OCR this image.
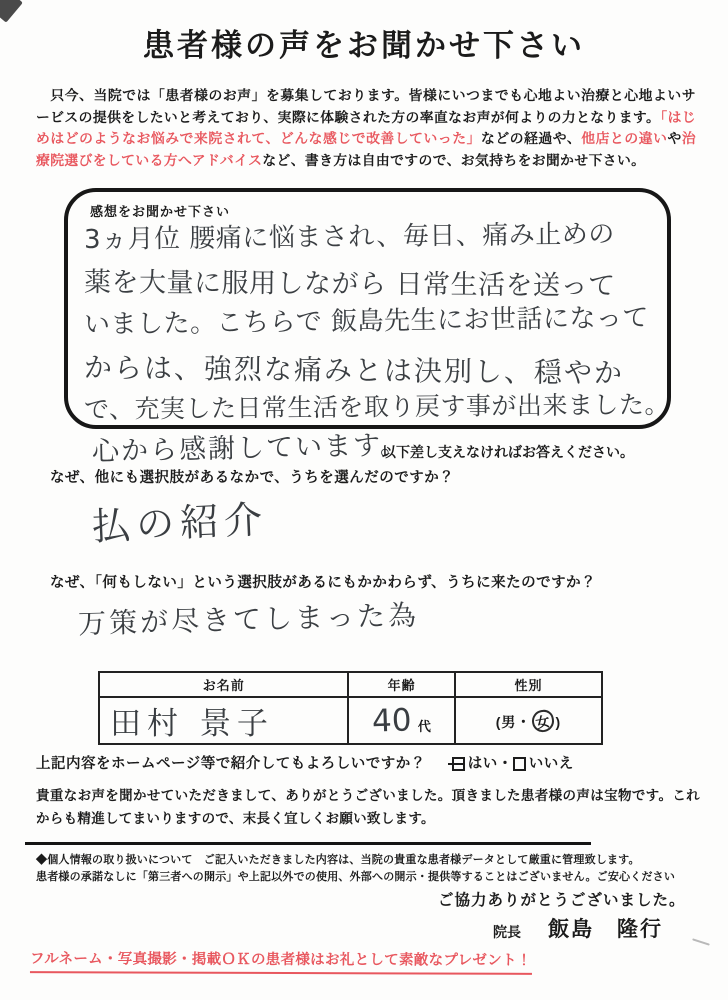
患者様の声をお聞かせ下さい

　只今、当院では「患者様のお声」を募集しております。皆様にいつまでも心地よい治療と心地よいサービスの提供をしたいと考えており、実際に体験された方の率直なお声が何よりの力となります。「はじめはどのようなお悩みで来院されて、どんな感じで改善していった」などの経過や、他店との違いや治療院選びをしている方へアドバイスなど、書き方は自由ですので、お気持ちをお聞かせ下さい。

感想をお聞かせ下さい
3ヵ月位 腰痛に悩まされ、毎日、痛み止めの
薬を大量に服用しながら 日常生活を送って
いました。こちらで 飯島先生にお世話になって
からは、強烈な痛みとは決別し、穏やか
で、充実した日常生活を取り戻す事が出来ました。
心から感謝しています。
以下差し支えなければお答えください。
なぜ、他にも選択肢があるなかで、うちを選んだのですか？
払の紹介
なぜ、「何もしない」という選択肢があるにもかかわらず、うちに来たのですか？
万策が尽きてしまった為
お名前	年齢	性別
田村 景子	40 代	(男・ 女 )
上記内容をホームページ等で紹介してもよろしいですか？	はい ・ いいえ

貴重なお声を聞かせていただきまして、ありがとうございました。頂きました患者様の声は宝物です。これからも精進してまいりますので、末長く宜しくお願い致します。

◆個人情報の取り扱いについて　ご記入いただきました内容は、当院の貴重な患者様データとして厳重に管理致します。
患者様の承諾なしに「第三者への開示」や上記以外での使用、外部への開示・提供等することはございません。ご安心ください
ご協力ありがとうございました。
院長 飯島　隆行
フルネーム・写真撮影・掲載ＯＫの患者様はお礼として素敵なプレゼント！
